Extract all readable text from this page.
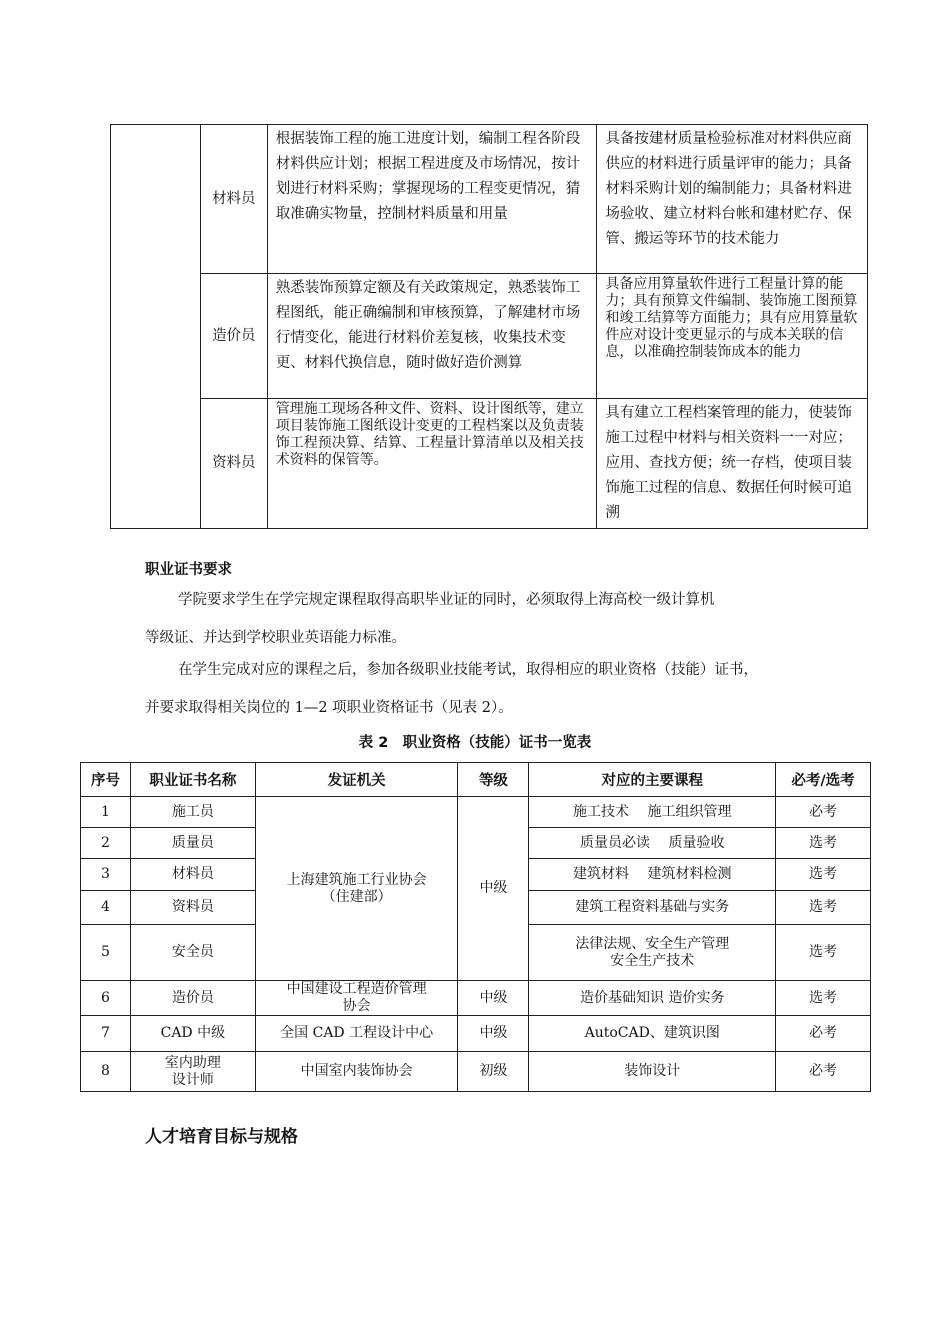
	材料员	根据装饰工程的施工进度计划，编制工程各阶段材料供应计划；根据工程进度及市场情况，按计划进行材料采购；掌握现场的工程变更情况，猜取准确实物量，控制材料质量和用量	具备按建材质量检验标准对材料供应商供应的材料进行质量评审的能力；具备材料采购计划的编制能力；具备材料进场验收、建立材料台帐和建材贮存、保管、搬运等环节的技术能力
	造价员	熟悉装饰预算定额及有关政策规定，熟悉装饰工程图纸，能正确编制和审核预算，了解建材市场行情变化，能进行材料价差复核，收集技术变更、材料代换信息，随时做好造价测算	具备应用算量软件进行工程量计算的能力；具有预算文件编制、装饰施工图预算和竣工结算等方面能力；具有应用算量软件应对设计变更显示的与成本关联的信息，以准确控制装饰成本的能力
	资料员	管理施工现场各种文件、资料、设计图纸等，建立项目装饰施工图纸设计变更的工程档案以及负责装饰工程预决算、结算、工程量计算清单以及相关技术资料的保管等。	具有建立工程档案管理的能力，使装饰施工过程中材料与相关资料一一对应；应用、查找方便；统一存档，使项目装饰施工过程的信息、数据任何时候可追溯
职业证书要求
学院要求学生在学完规定课程取得高职毕业证的同时，必须取得上海高校一级计算机
等级证、并达到学校职业英语能力标准。
在学生完成对应的课程之后，参加各级职业技能考试，取得相应的职业资格（技能）证书，
并要求取得相关岗位的 1—2 项职业资格证书（见表 2）。
表 2　职业资格（技能）证书一览表
序号	职业证书名称	发证机关	等级	对应的主要课程	必考/选考
1	施工员	上海建筑施工行业协会
（住建部）	中级	施工技术　 施工组织管理	必考
2	质量员			质量员必读　 质量验收	选考
3	材料员			建筑材料　 建筑材料检测	选考
4	资料员			建筑工程资料基础与实务	选考
5	安全员			法律法规、安全生产管理
安全生产技术	选考
6	造价员	中国建设工程造价管理
协会	中级	造价基础知识 造价实务	选考
7	CAD 中级	全国 CAD 工程设计中心	中级	AutoCAD、建筑识图	必考
8	室内助理
设计师	中国室内装饰协会	初级	装饰设计	必考
人才培育目标与规格
